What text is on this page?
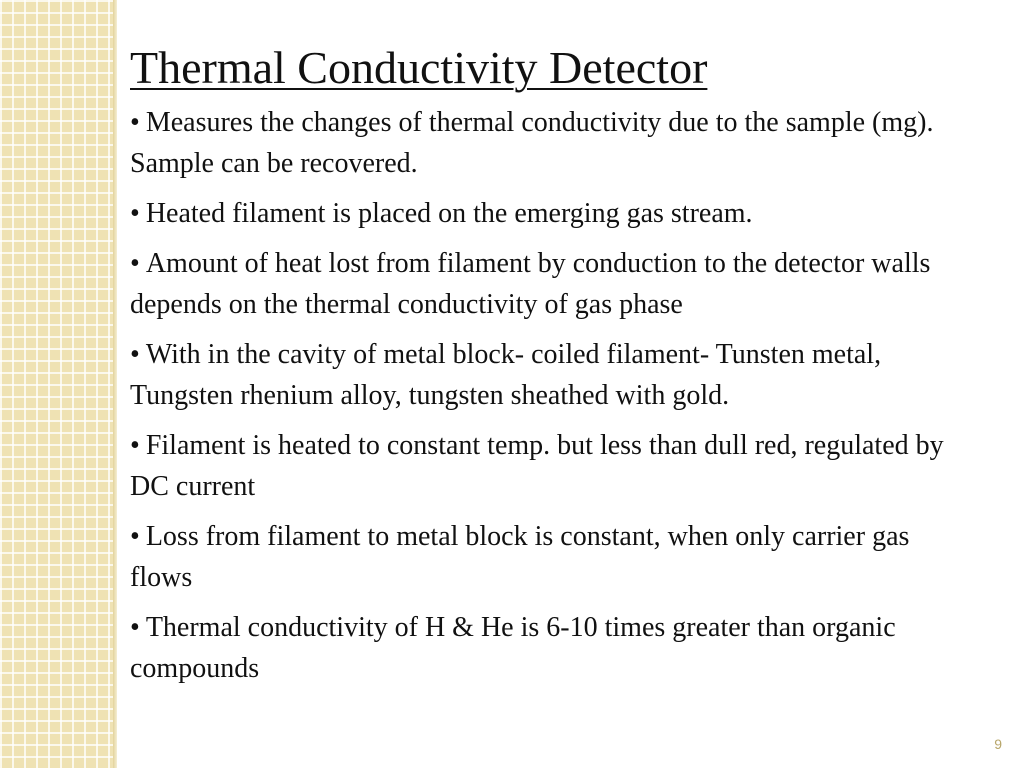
Thermal Conductivity Detector
• Measures the changes of thermal conductivity due to the sample (mg). Sample can be recovered.
• Heated filament is placed on the emerging gas stream.
• Amount of heat lost from filament by conduction to the detector walls depends on the thermal conductivity of gas phase
• With in the cavity of metal block- coiled filament- Tunsten metal, Tungsten rhenium alloy, tungsten sheathed with gold.
• Filament is heated to constant temp. but less than dull red, regulated by DC current
• Loss from filament to metal block is constant, when only carrier gas flows
• Thermal conductivity of H & He is 6-10 times greater than organic compounds
9
